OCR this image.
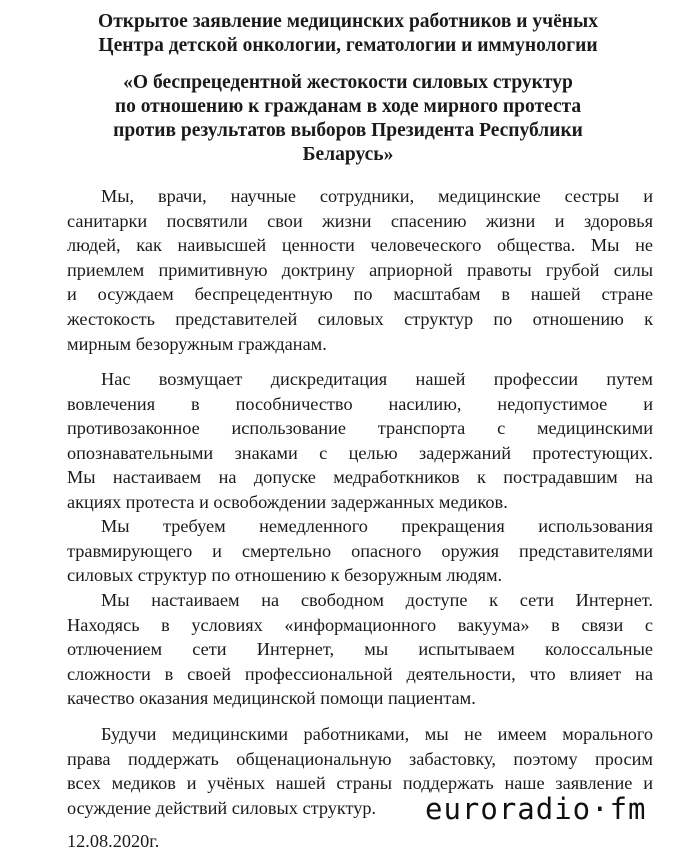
Открытое заявление медицинских работников и учёных
Центра детской онкологии, гематологии и иммунологии
«О беспрецедентной жестокости силовых структур
по отношению к гражданам в ходе мирного протеста
против результатов выборов Президента Республики
Беларусь»

Мы, врачи, научные сотрудники, медицинские сестры и
санитарки посвятили свои жизни спасению жизни и здоровья
людей, как наивысшей ценности человеческого общества. Мы не
приемлем примитивную доктрину априорной правоты грубой силы
и осуждаем беспрецедентную по масштабам в нашей стране
жестокость представителей силовых структур по отношению к
мирным безоружным гражданам.

Нас возмущает дискредитация нашей профессии путем
вовлечения в пособничество насилию, недопустимое и
противозаконное использование транспорта с медицинскими
опознавательными знаками с целью задержаний протестующих.
Мы настаиваем на допуске медработкников к пострадавшим на
акциях протеста и освобождении задержанных медиков.

Мы требуем немедленного прекращения использования
травмирующего и смертельно опасного оружия представителями
силовых структур по отношению к безоружным людям.

Мы настаиваем на свободном доступе к сети Интернет.
Находясь в условиях «информационного вакуума» в связи с
отлючением сети Интернет, мы испытываем колоссальные
сложности в своей профессиональной деятельности, что влияет на
качество оказания медицинской помощи пациентам.

Будучи медицинскими работниками, мы не имеем морального
права поддержать общенациональную забастовку, поэтому просим
всех медиков и учёных нашей страны поддержать наше заявление и
осуждение действий силовых структур.	euroradio·fm

12.08.2020г.
